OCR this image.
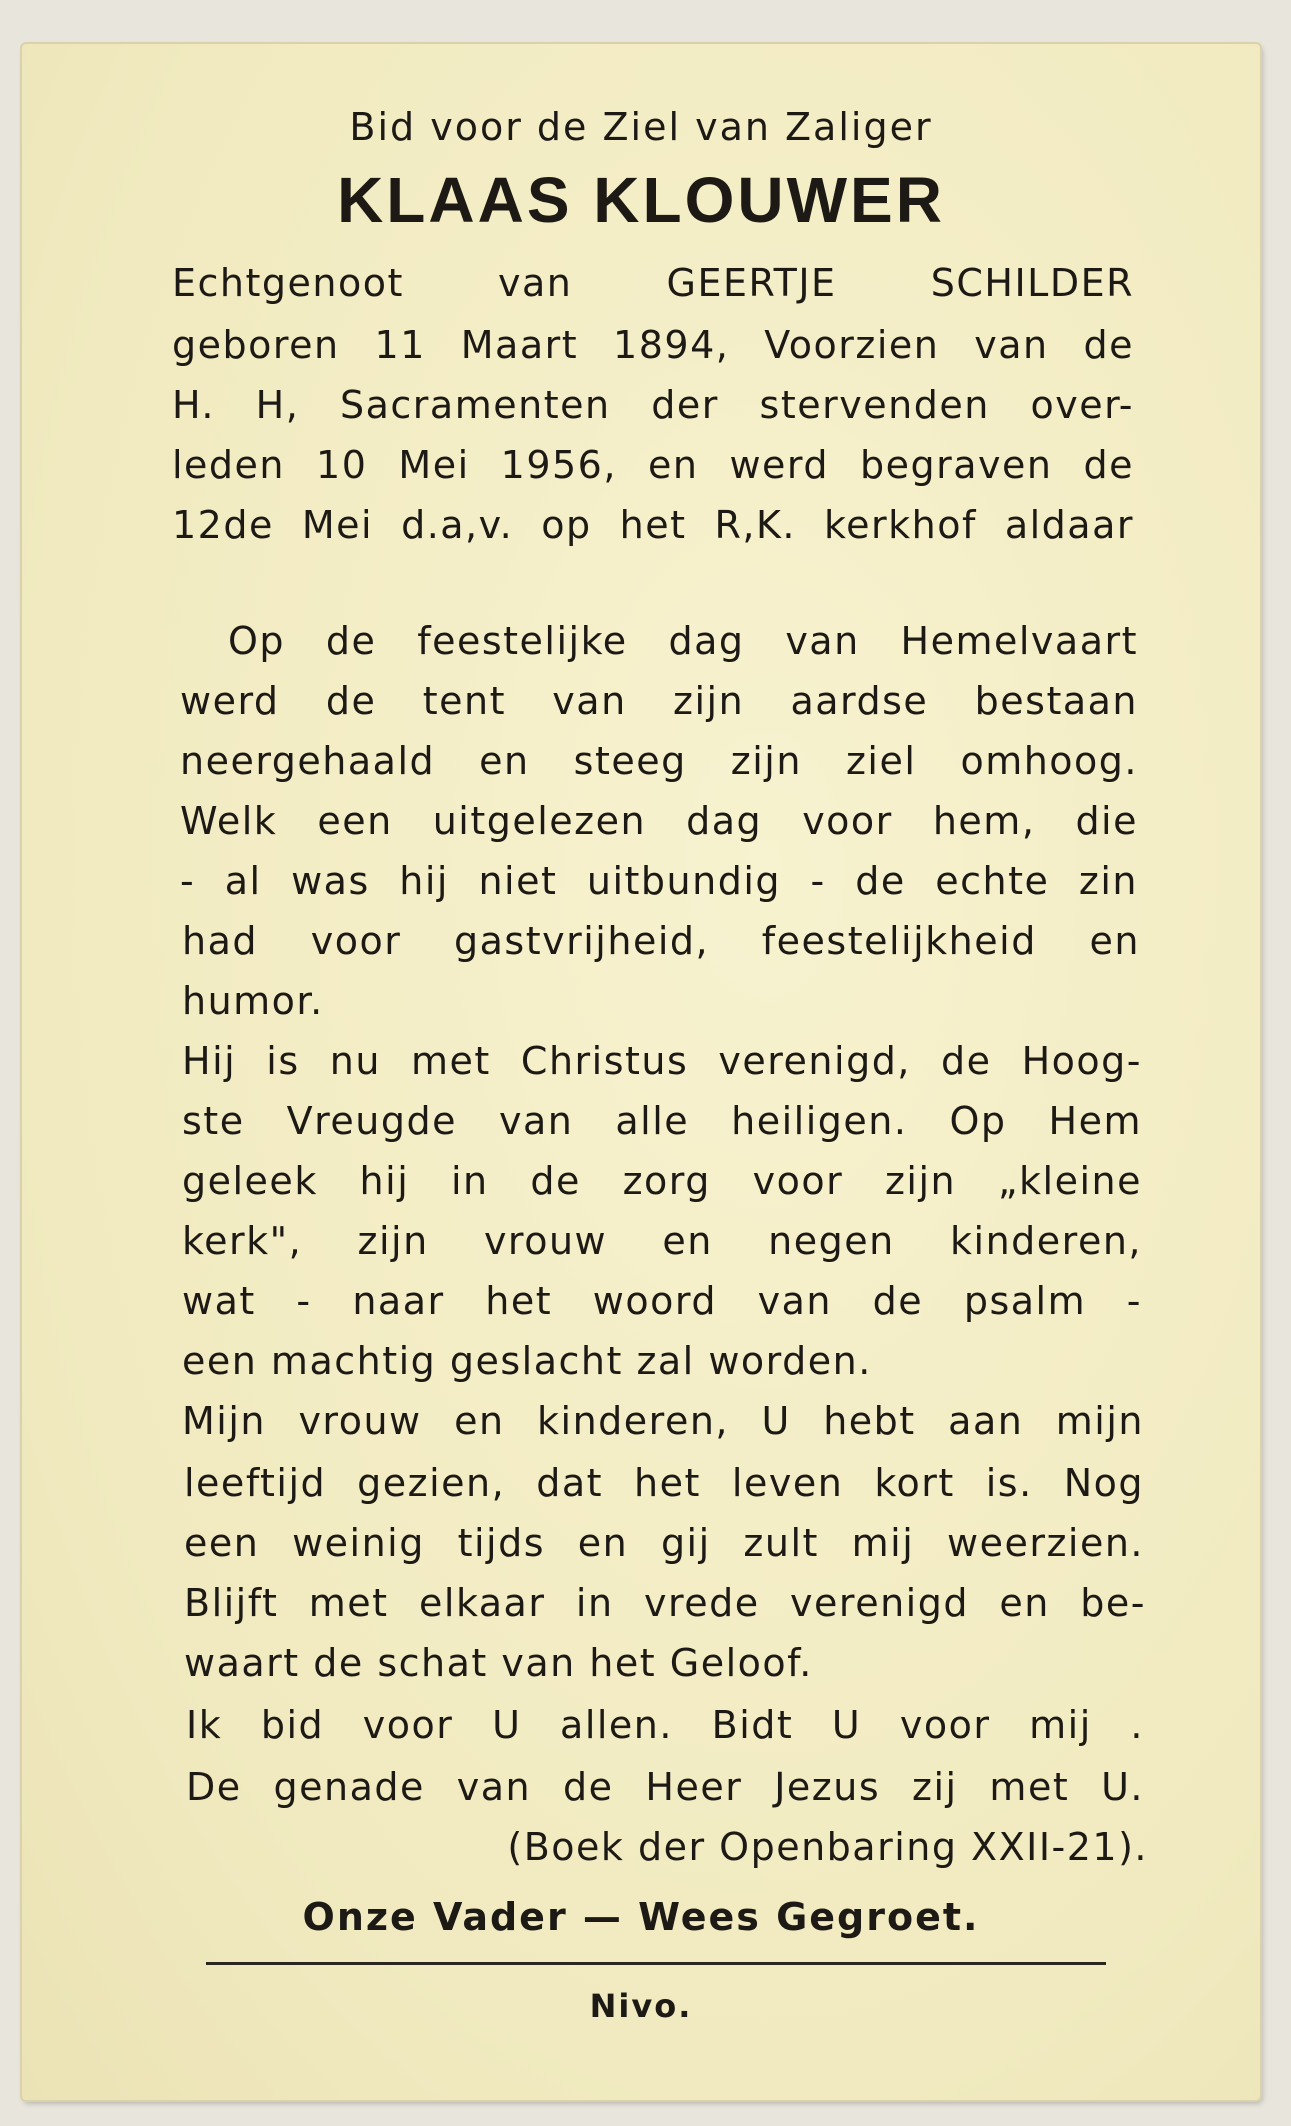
Bid voor de Ziel van Zaliger
KLAAS KLOUWER
Echtgenoot van GEERTJE SCHILDER
geboren 11 Maart 1894, Voorzien van de
H. H, Sacramenten der stervenden over-
leden 10 Mei 1956, en werd begraven de
12de Mei d.a,v. op het R,K. kerkhof aldaar
Op de feestelijke dag van Hemelvaart
werd de tent van zijn aardse bestaan
neergehaald en steeg zijn ziel omhoog.
Welk een uitgelezen dag voor hem, die
- al was hij niet uitbundig - de echte zin
had voor gastvrijheid, feestelijkheid en
humor.
Hij is nu met Christus verenigd, de Hoog-
ste Vreugde van alle heiligen. Op Hem
geleek hij in de zorg voor zijn „kleine
kerk", zijn vrouw en negen kinderen,
wat - naar het woord van de psalm -
een machtig geslacht zal worden.
Mijn vrouw en kinderen, U hebt aan mijn
leeftijd gezien, dat het leven kort is. Nog
een weinig tijds en gij zult mij weerzien.
Blijft met elkaar in vrede verenigd en be-
waart de schat van het Geloof.
Ik bid voor U allen. Bidt U voor mij .
De genade van de Heer Jezus zij met U.
(Boek der Openbaring XXII-21).
Onze Vader — Wees Gegroet.
Nivo.
